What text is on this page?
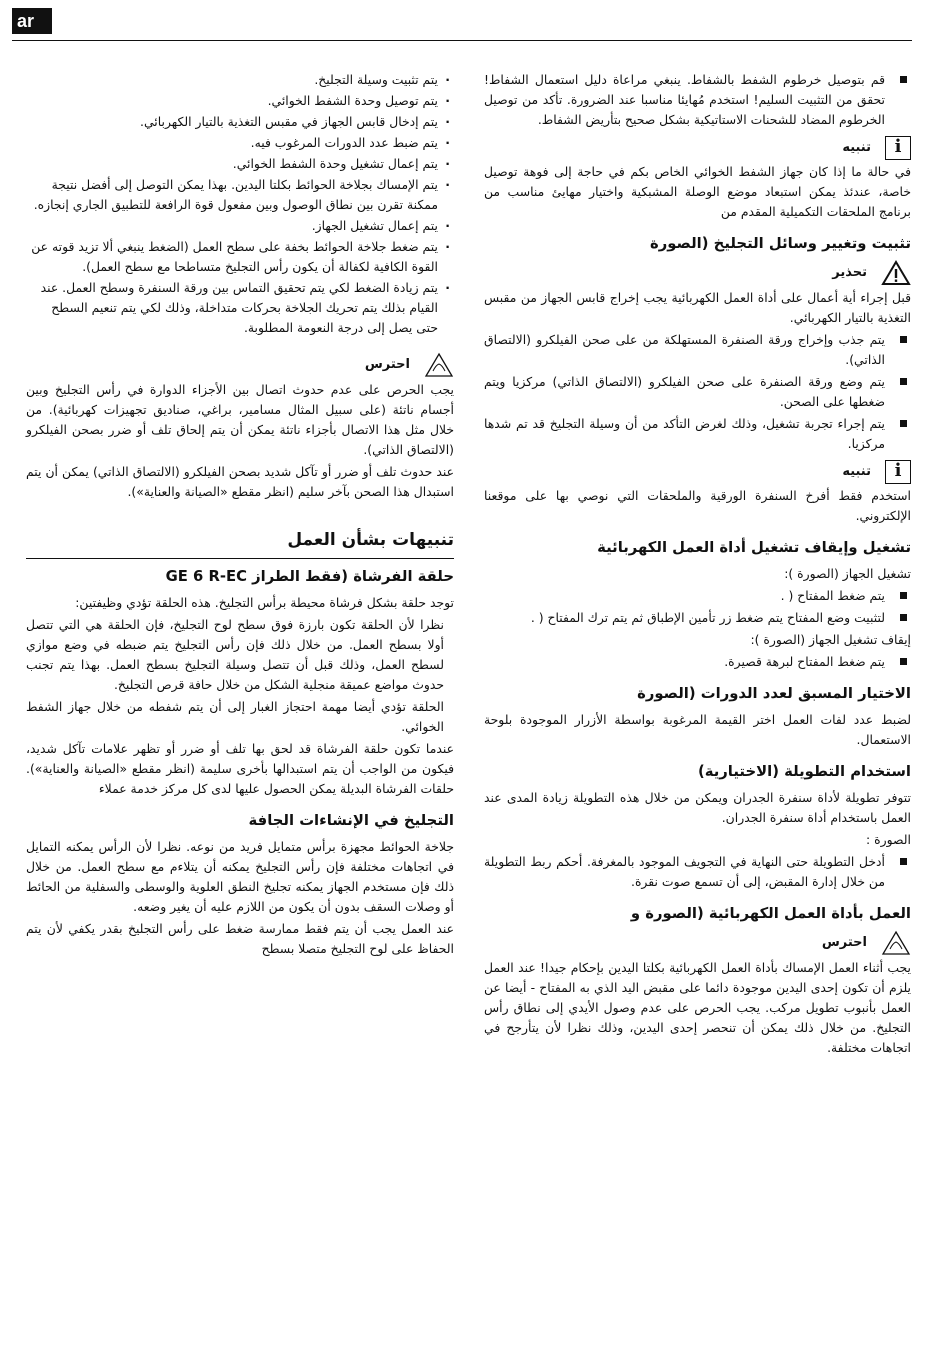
ar
قم بتوصيل خرطوم الشفط بالشفاط. ينبغي مراعاة دليل استعمال الشفاط! تحقق من التثبيت السليم! استخدم مُهايئا مناسبا عند الضرورة. تأكد من توصيل الخرطوم المضاد للشحنات الاستاتيكية بشكل صحيح بتأريض الشفاط.
i
تنبيه

في حالة ما إذا كان جهاز الشفط الخوائي الخاص بكم في حاجة إلى فوهة توصيل خاصة، عندئذ يمكن استبعاد موضع الوصلة المشبكية واختيار مهايئ مناسب من برنامج الملحقات التكميلية المقدم من

تثبيت وتغيير وسائل التجليخ (الصورة
تحذير

قبل إجراء أية أعمال على أداة العمل الكهربائية يجب إخراج قابس الجهاز من مقبس التغذية بالتيار الكهربائي.

يتم جذب وإخراج ورقة الصنفرة المستهلكة من على صحن الفيلكرو (الالتصاق الذاتي).
يتم وضع ورقة الصنفرة على صحن الفيلكرو (الالتصاق الذاتي) مركزيا ويتم ضغطها على الصحن.
يتم إجراء تجربة تشغيل، وذلك لغرض التأكد من أن وسيلة التجليخ قد تم شدها مركزيا.
i
تنبيه

استخدم فقط أفرخ السنفرة الورقية والملحقات التي نوصي بها على موقعنا الإلكتروني.

تشغيل وإيقاف تشغيل أداة العمل الكهربائية

تشغيل الجهاز (الصورة ):

يتم ضغط المفتاح ( .
لتثبيت وضع المفتاح يتم ضغط زر تأمين الإطباق ثم يتم ترك المفتاح ( .

إيقاف تشغيل الجهاز (الصورة ):

يتم ضغط المفتاح لبرهة قصيرة.
الاختيار المسبق لعدد الدورات (الصورة

لضبط عدد لفات العمل اختر القيمة المرغوبة بواسطة الأزرار الموجودة بلوحة الاستعمال.

استخدام التطويلة (الاختيارية)

تتوفر تطويلة لأداة سنفرة الجدران ويمكن من خلال هذه التطويلة زيادة المدى عند العمل باستخدام أداة سنفرة الجدران.

الصورة :

أدخل التطويلة حتى النهاية في التجويف الموجود بالمغرفة. أحكم ربط التطويلة من خلال إدارة المقبض، إلى أن تسمع صوت نقرة.
العمل بأداة العمل الكهربائية (الصورة و
احترس

يجب أثناء العمل الإمساك بأداة العمل الكهربائية بكلتا اليدين بإحكام جيدا! عند العمل يلزم أن تكون إحدى اليدين موجودة دائما على مقبض اليد الذي به المفتاح - أيضا عن العمل بأنبوب تطويل مركب. يجب الحرص على عدم وصول الأيدي إلى نطاق رأس التجليخ. من خلال ذلك يمكن أن تنحصر إحدى اليدين، وذلك نظرا لأن يتأرجح في اتجاهات مختلفة.

. يتم تثبيت وسيلة التجليخ.
. يتم توصيل وحدة الشفط الخوائي.
. يتم إدخال قابس الجهاز في مقبس التغذية بالتيار الكهربائي.
. يتم ضبط عدد الدورات المرغوب فيه.
. يتم إعمال تشغيل وحدة الشفط الخوائي.
. يتم الإمساك بجلاخة الحوائط بكلتا اليدين. بهذا يمكن التوصل إلى أفضل نتيجة ممكنة تقرن بين نطاق الوصول وبين مفعول قوة الرافعة للتطبيق الجاري إنجازه.
. يتم إعمال تشغيل الجهاز.
. يتم ضغط جلاخة الحوائط بخفة على سطح العمل (الضغط ينبغي ألا تزيد قوته عن القوة الكافية لكفالة أن يكون رأس التجليخ متساطحا مع سطح العمل).
. يتم زيادة الضغط لكي يتم تحقيق التماس بين ورقة السنفرة وسطح العمل. عند القيام بذلك يتم تحريك الجلاخة بحركات متداخلة، وذلك لكي يتم تنعيم السطح حتى يصل إلى درجة النعومة المطلوبة.
احترس

يجب الحرص على عدم حدوث اتصال بين الأجزاء الدوارة في رأس التجليخ وبين أجسام ناتئة (على سبيل المثال مسامير، براغي، صناديق تجهيزات كهربائية). من خلال مثل هذا الاتصال بأجزاء ناتئة يمكن أن يتم إلحاق تلف أو ضرر بصحن الفيلكرو (الالتصاق الذاتي).

عند حدوث تلف أو ضرر أو تآكل شديد بصحن الفيلكرو (الالتصاق الذاتي) يمكن أن يتم استبدال هذا الصحن بآخر سليم (انظر مقطع «الصيانة والعناية»).

تنبيهات بشأن العمل
حلقة الفرشاة (فقط الطراز GE 6 R-EC

توجد حلقة بشكل فرشاة محيطة برأس التجليخ. هذه الحلقة تؤدي وظيفتين:

نظرا لأن الحلقة تكون بارزة فوق سطح لوح التجليخ، فإن الحلقة هي التي تتصل أولا بسطح العمل. من خلال ذلك فإن رأس التجليخ يتم ضبطه في وضع موازي لسطح العمل، وذلك قبل أن تتصل وسيلة التجليخ بسطح العمل. بهذا يتم تجنب حدوث مواضع عميقة منجلية الشكل من خلال حافة قرص التجليخ.

الحلقة تؤدي أيضا مهمة احتجاز الغبار إلى أن يتم شفطه من خلال جهاز الشفط الخوائي.

عندما تكون حلقة الفرشاة قد لحق بها تلف أو ضرر أو تظهر علامات تآكل شديد، فيكون من الواجب أن يتم استبدالها بأخرى سليمة (انظر مقطع «الصيانة والعناية»). حلقات الفرشاة البديلة يمكن الحصول عليها لدى كل مركز خدمة عملاء

التجليخ في الإنشاءات الجافة

جلاخة الحوائط مجهزة برأس متمايل فريد من نوعه. نظرا لأن الرأس يمكنه التمايل في اتجاهات مختلفة فإن رأس التجليخ يمكنه أن يتلاءم مع سطح العمل. من خلال ذلك فإن مستخدم الجهاز يمكنه تجليخ النطق العلوية والوسطى والسفلية من الحائط أو وصلات السقف بدون أن يكون من اللازم عليه أن يغير وضعه.

عند العمل يجب أن يتم فقط ممارسة ضغط على رأس التجليخ بقدر يكفي لأن يتم الحفاظ على لوح التجليخ متصلا بسطح
